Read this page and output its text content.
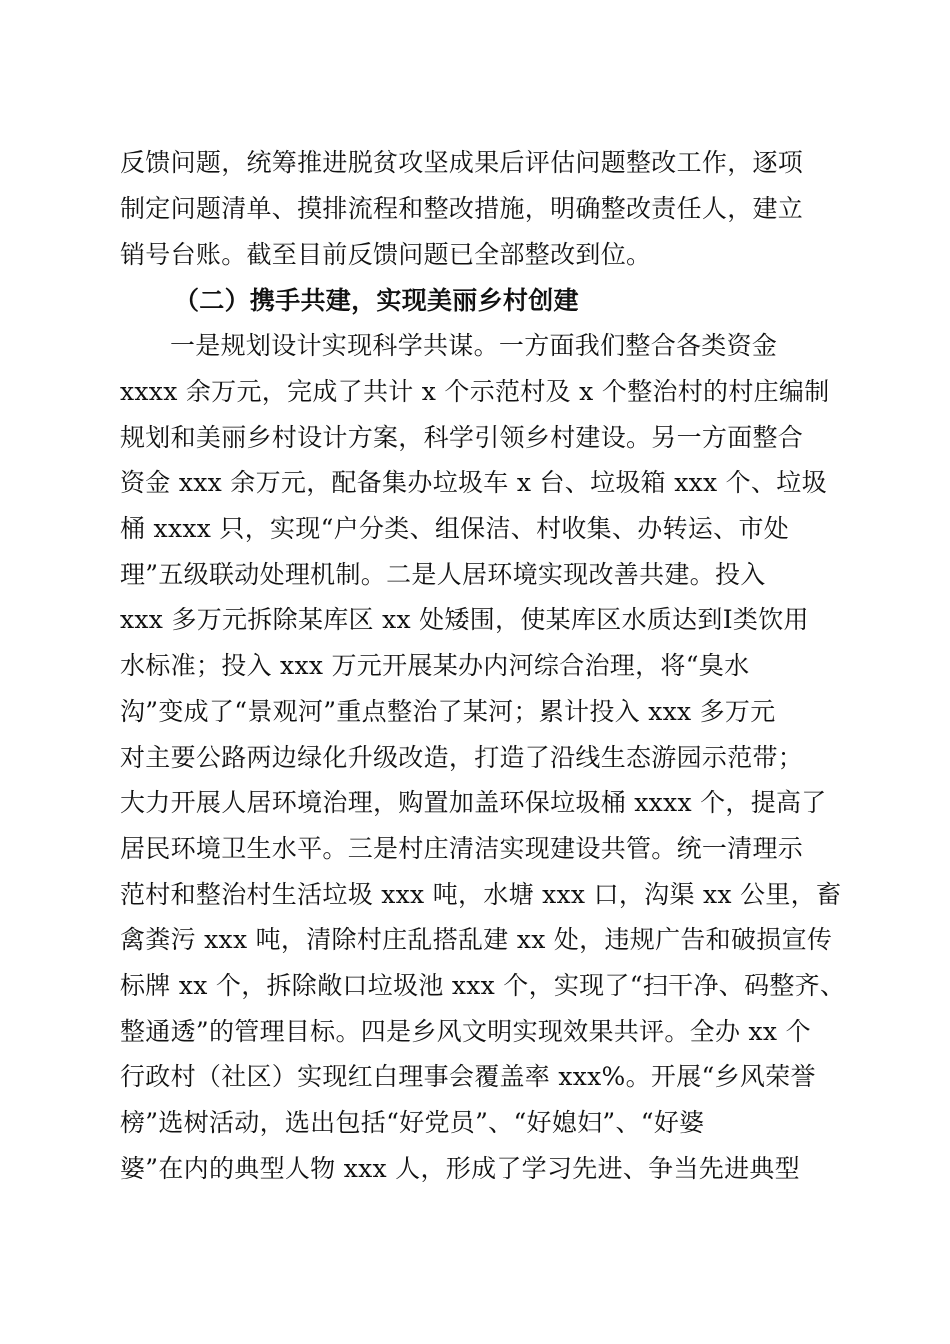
反馈问题，统筹推进脱贫攻坚成果后评估问题整改工作，逐项
制定问题清单、摸排流程和整改措施，明确整改责任人，建立
销号台账。截至目前反馈问题已全部整改到位。
（二）携手共建，实现美丽乡村创建
一是规划设计实现科学共谋。一方面我们整合各类资金
xxxx 余万元，完成了共计 x 个示范村及 x 个整治村的村庄编制
规划和美丽乡村设计方案，科学引领乡村建设。另一方面整合
资金 xxx 余万元，配备集办垃圾车 x 台、垃圾箱 xxx 个、垃圾
桶 xxxx 只，实现“户分类、组保洁、村收集、办转运、市处
理”五级联动处理机制。二是人居环境实现改善共建。投入
xxx 多万元拆除某库区 xx 处矮围，使某库区水质达到Ⅰ类饮用
水标准；投入 xxx 万元开展某办内河综合治理，将“臭水
沟”变成了“景观河”重点整治了某河；累计投入 xxx 多万元
对主要公路两边绿化升级改造，打造了沿线生态游园示范带；
大力开展人居环境治理，购置加盖环保垃圾桶 xxxx 个，提高了
居民环境卫生水平。三是村庄清洁实现建设共管。统一清理示
范村和整治村生活垃圾 xxx 吨，水塘 xxx 口，沟渠 xx 公里，畜
禽粪污 xxx 吨，清除村庄乱搭乱建 xx 处，违规广告和破损宣传
标牌 xx 个，拆除敞口垃圾池 xxx 个，实现了“扫干净、码整齐、
整通透”的管理目标。四是乡风文明实现效果共评。全办 xx 个
行政村（社区）实现红白理事会覆盖率 xxx%。开展“乡风荣誉
榜”选树活动，选出包括“好党员”、“好媳妇”、“好婆
婆”在内的典型人物 xxx 人，形成了学习先进、争当先进典型
